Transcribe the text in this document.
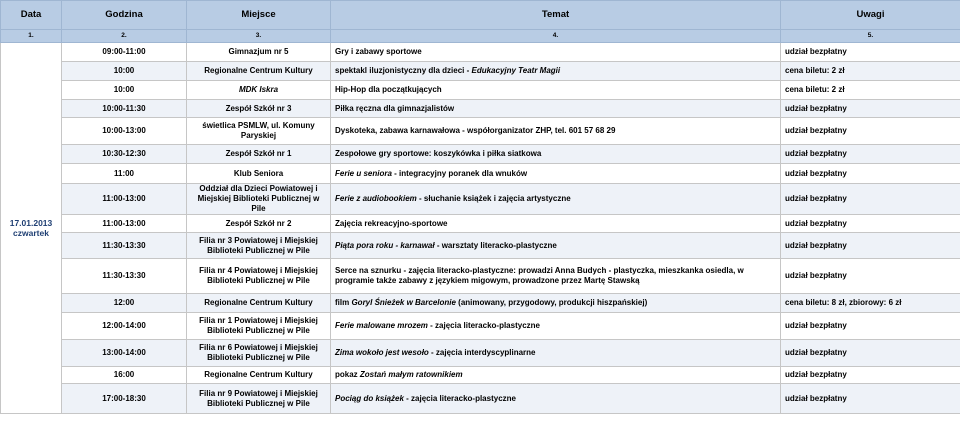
Data	Godzina	Miejsce	Temat	Uwagi
1.	2.	3.	4.	5.

17.01.2013
czwartek	09:00-11:00	Gimnazjum nr 5	Gry i zabawy sportowe	udział bezpłatny
	10:00	Regionalne Centrum Kultury	spektakl iluzjonistyczny dla dzieci - Edukacyjny Teatr Magii	cena biletu: 2 zł
	10:00	MDK Iskra	Hip-Hop dla początkujących	cena biletu: 2 zł
	10:00-11:30	Zespół Szkół nr 3	Piłka ręczna dla gimnazjalistów	udział bezpłatny
	10:00-13:00	świetlica PSMLW, ul. Komuny Paryskiej	Dyskoteka, zabawa karnawałowa - współorganizator ZHP, tel. 601 57 68 29	udział bezpłatny
	10:30-12:30	Zespół Szkół nr 1	Zespołowe gry sportowe: koszykówka i piłka siatkowa	udział bezpłatny
	11:00	Klub Seniora	Ferie u seniora - integracyjny poranek dla wnuków	udział bezpłatny
	11:00-13:00	Oddział dla Dzieci Powiatowej i Miejskiej Biblioteki Publicznej w Pile	Ferie z audiobookiem - słuchanie książek i zajęcia artystyczne	udział bezpłatny
	11:00-13:00	Zespół Szkół nr 2	Zajęcia rekreacyjno-sportowe	udział bezpłatny
	11:30-13:30	Filia nr 3 Powiatowej i Miejskiej Biblioteki Publicznej w Pile	Piąta pora roku - karnawał - warsztaty literacko-plastyczne	udział bezpłatny
	11:30-13:30	Filia nr 4 Powiatowej i Miejskiej Biblioteki Publicznej w Pile	Serce na sznurku - zajęcia literacko-plastyczne: prowadzi Anna Budych - plastyczka, mieszkanka osiedla, w programie także zabawy z językiem migowym, prowadzone przez Martę Stawską	udział bezpłatny
	12:00	Regionalne Centrum Kultury	film Goryl Śnieżek w Barcelonie (animowany, przygodowy, produkcji hiszpańskiej)	cena biletu: 8 zł, zbiorowy: 6 zł
	12:00-14:00	Filia nr 1 Powiatowej i Miejskiej Biblioteki Publicznej w Pile	Ferie malowane mrozem - zajęcia literacko-plastyczne	udział bezpłatny
	13:00-14:00	Filia nr 6 Powiatowej i Miejskiej Biblioteki Publicznej w Pile	Zima wokoło jest wesoło - zajęcia interdyscyplinarne	udział bezpłatny
	16:00	Regionalne Centrum Kultury	pokaz Zostań małym ratownikiem	udział bezpłatny
	17:00-18:30	Filia nr 9 Powiatowej i Miejskiej Biblioteki Publicznej w Pile	Pociąg do książek - zajęcia literacko-plastyczne	udział bezpłatny
